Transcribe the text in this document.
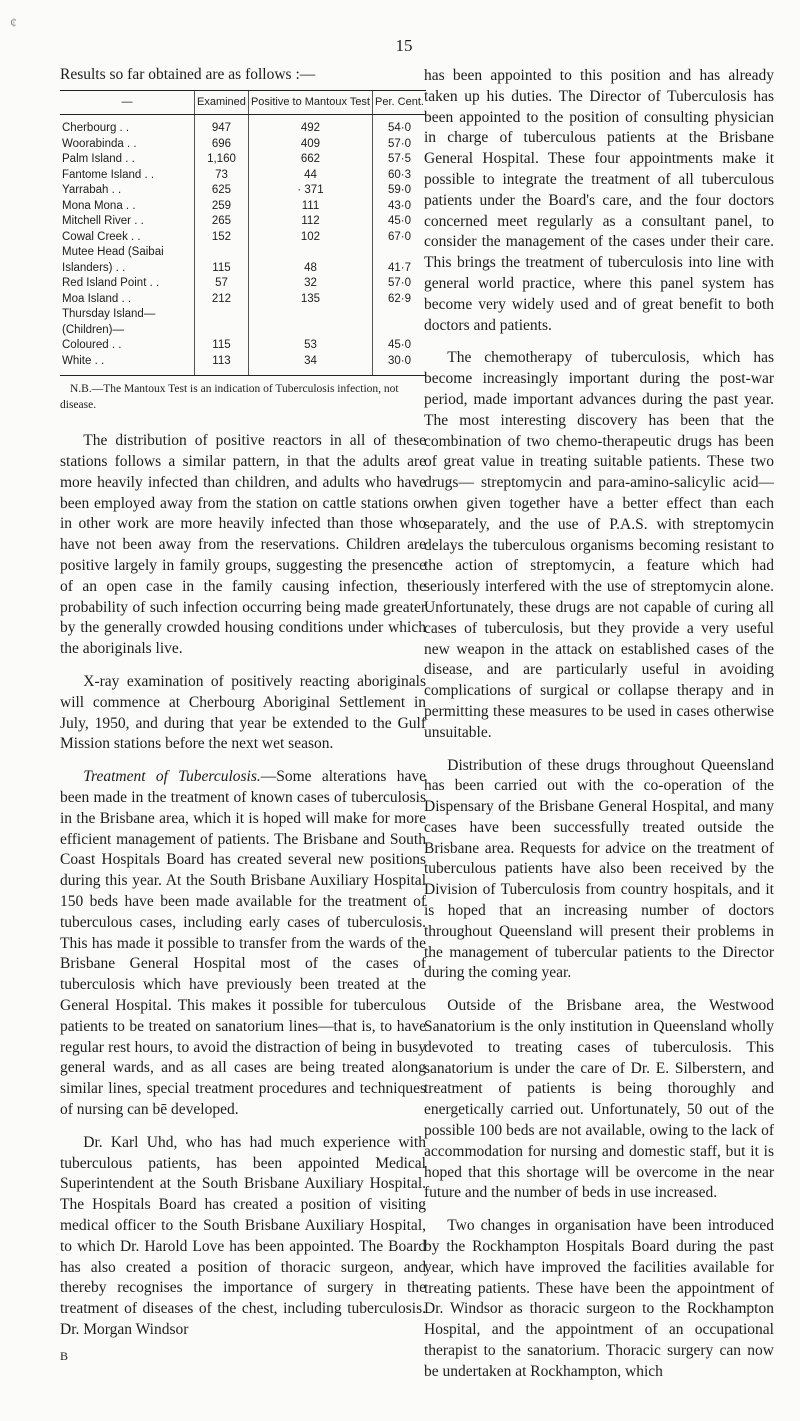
¢
15

Results so far obtained are as follows :—

—	Examined	Positive to Mantoux Test	Per. Cent.
Cherbourg . .	947	492	54·0
Woorabinda . .	696	409	57·0
Palm Island . .	1,160	662	57·5
Fantome Island . .	73	44	60·3
Yarrabah . .	625	· 371	59·0
Mona Mona . .	259	111	43·0
Mitchell River . .	265	112	45·0
Cowal Creek . .	152	102	67·0
Mutee Head (Saibai			
Islanders) . .	115	48	41·7
Red Island Point . .	57	32	57·0
Moa Island . .	212	135	62·9
Thursday Island—			
(Children)—			
Coloured . .	115	53	45·0
White . .	113	34	30·0

N.B.—The Mantoux Test is an indication of Tuberculosis infection, not disease.

The distribution of positive reactors in all of these stations follows a similar pattern, in that the adults are more heavily infected than children, and adults who have been employed away from the station on cattle stations or in other work are more heavily infected than those who have not been away from the reservations. Children are positive largely in family groups, suggesting the presence of an open case in the family causing infection, the probability of such infection occurring being made greater by the generally crowded housing conditions under which the aboriginals live.

X-ray examination of positively reacting aboriginals will commence at Cherbourg Aboriginal Settlement in July, 1950, and during that year be extended to the Gulf Mission stations before the next wet season.

Treatment of Tuberculosis.—Some alterations have been made in the treatment of known cases of tuberculosis in the Brisbane area, which it is hoped will make for more efficient management of patients. The Brisbane and South Coast Hospitals Board has created several new positions during this year. At the South Brisbane Auxiliary Hospital 150 beds have been made available for the treatment of tuberculous cases, including early cases of tuberculosis. This has made it possible to transfer from the wards of the Brisbane General Hospital most of the cases of tuberculosis which have previously been treated at the General Hospital. This makes it possible for tuberculous patients to be treated on sanatorium lines—that is, to have regular rest hours, to avoid the distraction of being in busy general wards, and as all cases are being treated along similar lines, special treatment procedures and techniques of nursing can bē developed.

Dr. Karl Uhd, who has had much experience with tuberculous patients, has been appointed Medical Superintendent at the South Brisbane Auxiliary Hospital. The Hospitals Board has created a position of visiting medical officer to the South Brisbane Auxiliary Hospital, to which Dr. Harold Love has been appointed. The Board has also created a position of thoracic surgeon, and thereby recognises the importance of surgery in the treatment of diseases of the chest, including tuberculosis. Dr. Morgan Windsor

B

has been appointed to this position and has already taken up his duties. The Director of Tuberculosis has been appointed to the position of consulting physician in charge of tuberculous patients at the Brisbane General Hospital. These four appointments make it possible to integrate the treatment of all tuberculous patients under the Board's care, and the four doctors concerned meet regularly as a consultant panel, to consider the management of the cases under their care. This brings the treatment of tuberculosis into line with general world practice, where this panel system has become very widely used and of great benefit to both doctors and patients.

The chemotherapy of tuberculosis, which has become increasingly important during the post-war period, made important advances during the past year. The most interesting discovery has been that the combination of two chemo-therapeutic drugs has been of great value in treating suitable patients. These two drugs— streptomycin and para-amino-salicylic acid— when given together have a better effect than each separately, and the use of P.A.S. with streptomycin delays the tuberculous organisms becoming resistant to the action of streptomycin, a feature which had seriously interfered with the use of streptomycin alone. Unfortunately, these drugs are not capable of curing all cases of tuberculosis, but they provide a very useful new weapon in the attack on established cases of the disease, and are particularly useful in avoiding complications of surgical or collapse therapy and in permitting these measures to be used in cases otherwise unsuitable.

Distribution of these drugs throughout Queensland has been carried out with the co-operation of the Dispensary of the Brisbane General Hospital, and many cases have been successfully treated outside the Brisbane area. Requests for advice on the treatment of tuberculous patients have also been received by the Division of Tuberculosis from country hospitals, and it is hoped that an increasing number of doctors throughout Queensland will present their problems in the management of tubercular patients to the Director during the coming year.

Outside of the Brisbane area, the Westwood Sanatorium is the only institution in Queensland wholly devoted to treating cases of tuberculosis. This sanatorium is under the care of Dr. E. Silberstern, and treatment of patients is being thoroughly and energetically carried out. Unfortunately, 50 out of the possible 100 beds are not available, owing to the lack of accommodation for nursing and domestic staff, but it is hoped that this shortage will be overcome in the near future and the number of beds in use increased.

Two changes in organisation have been introduced by the Rockhampton Hospitals Board during the past year, which have improved the facilities available for treating patients. These have been the appointment of Dr. Windsor as thoracic surgeon to the Rockhampton Hospital, and the appointment of an occupational therapist to the sanatorium. Thoracic surgery can now be undertaken at Rockhampton, which
